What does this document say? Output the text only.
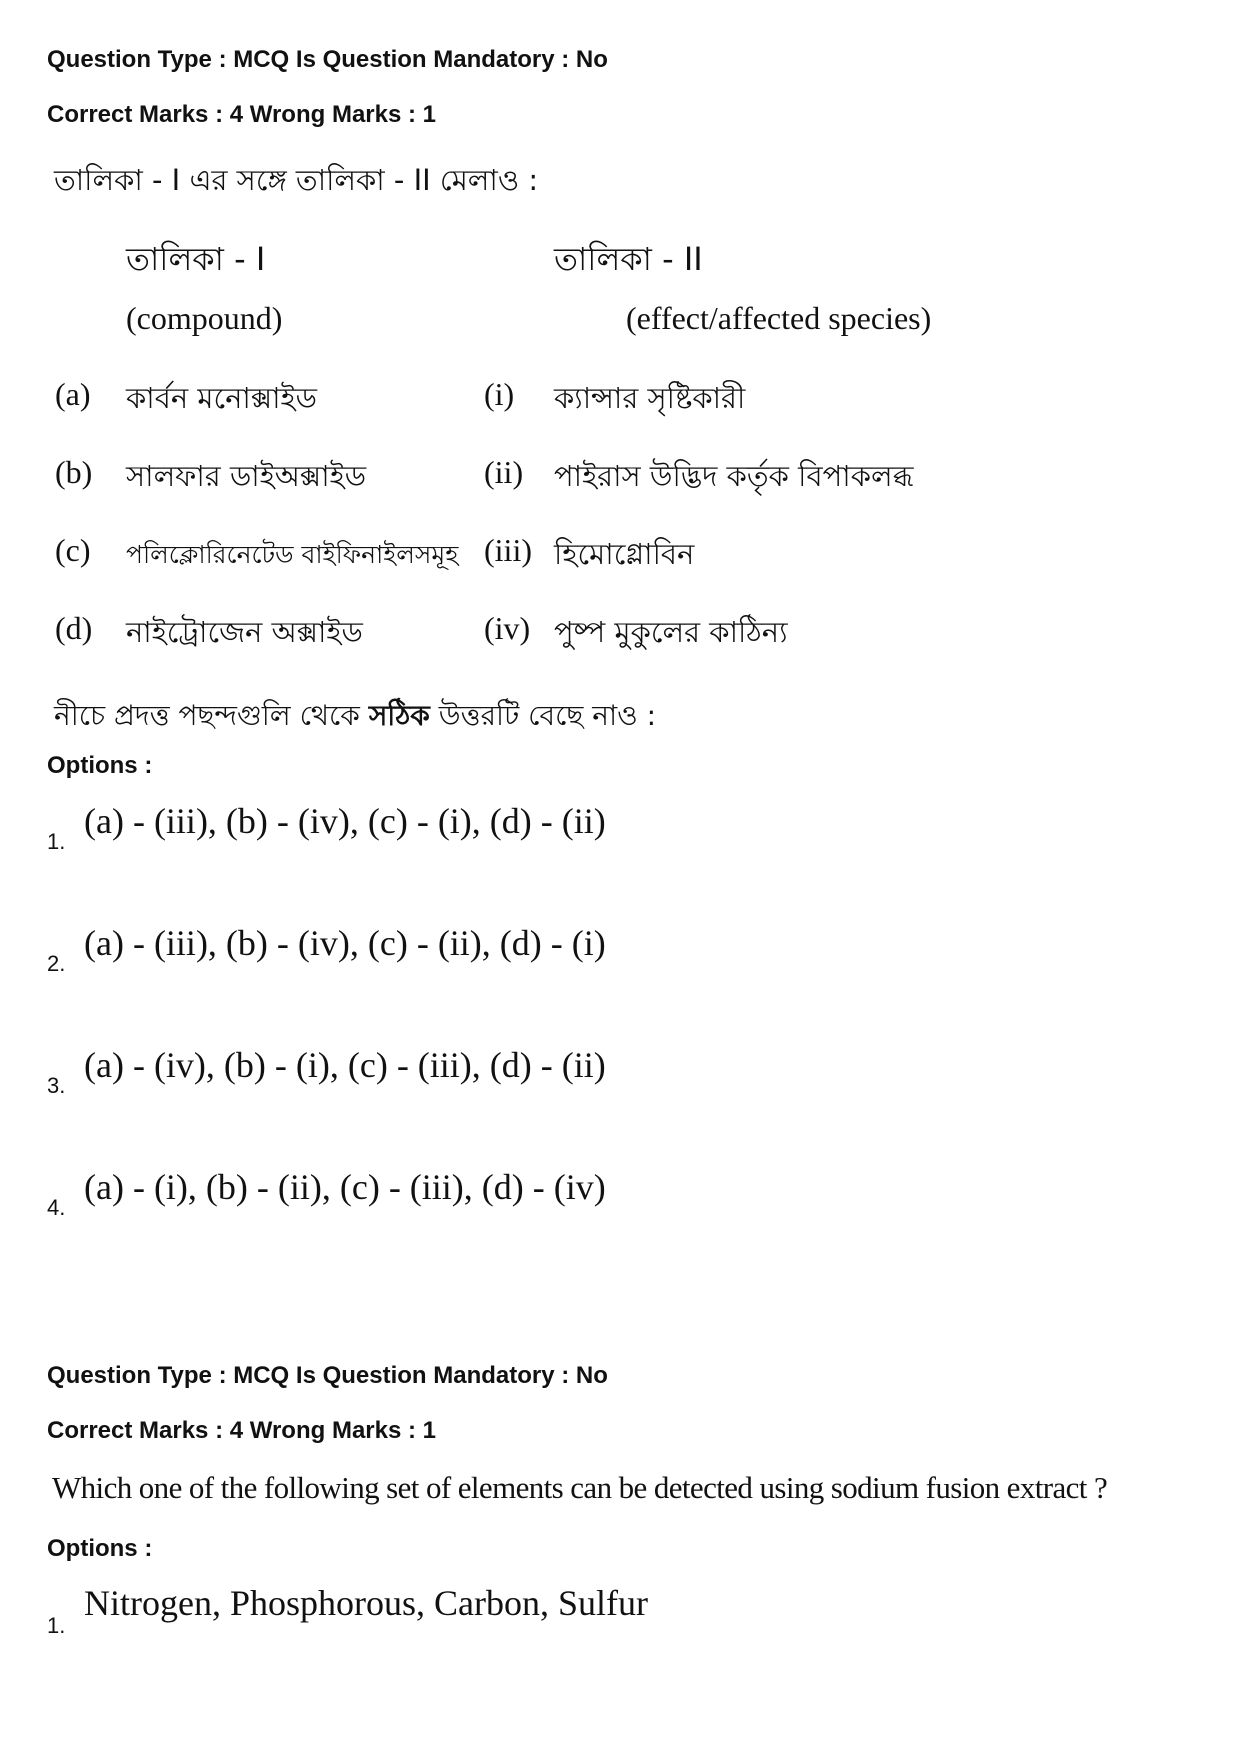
Question Type : MCQ Is Question Mandatory : No
Correct Marks : 4 Wrong Marks : 1
তালিকা - I এর সঙ্গে তালিকা - II মেলাও :
তালিকা - I	তালিকা - II
(compound)	(effect/affected species)
(a) কার্বন মনোক্সাইড	(i) ক্যান্সার সৃষ্টিকারী
(b) সালফার ডাইঅক্সাইড	(ii) পাইরাস উদ্ভিদ কর্তৃক বিপাকলব্ধ
(c) পলিক্লোরিনেটেড বাইফিনাইলসমূহ (iii) হিমোগ্লোবিন
(d) নাইট্রোজেন অক্সাইড	(iv) পুষ্প মুকুলের কাঠিন্য
নীচে প্রদত্ত পছন্দগুলি থেকে সঠিক উত্তরটি বেছে নাও :
Options :
1.
(a) - (iii), (b) - (iv), (c) - (i), (d) - (ii)
2.
(a) - (iii), (b) - (iv), (c) - (ii), (d) - (i)
3.
(a) - (iv), (b) - (i), (c) - (iii), (d) - (ii)
4.
(a) - (i), (b) - (ii), (c) - (iii), (d) - (iv)
Question Type : MCQ Is Question Mandatory : No
Correct Marks : 4 Wrong Marks : 1
Which one of the following set of elements can be detected using sodium fusion extract ?
Options :
1.
Nitrogen, Phosphorous, Carbon, Sulfur
